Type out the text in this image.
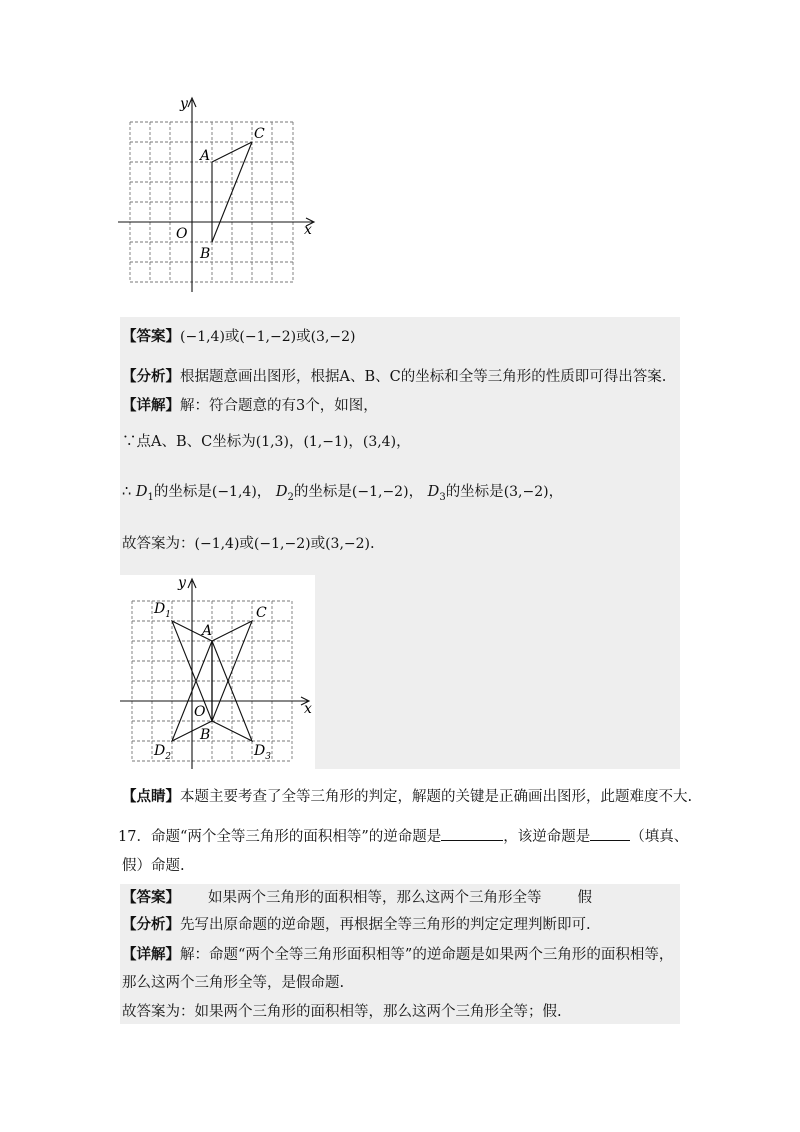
y
x
O
A
B
C
【答案】(−1,4)或(−1,−2)或(3,−2)
【分析】根据题意画出图形，根据A、B、C的坐标和全等三角形的性质即可得出答案.
【详解】解：符合题意的有3个，如图，
∵点A、B、C坐标为(1,3)，(1,−1)，(3,4)，
∴ $D_1$的坐标是(−1,4)， $D_2$的坐标是(−1,−2)， $D_3$的坐标是(3,−2)，
故答案为：(−1,4)或(−1,−2)或(3,−2).
y
x
O
A
B
C
$D_1$
$D_2$	$D_3$
【点睛】本题主要考查了全等三角形的判定，解题的关键是正确画出图形，此题难度不大.
17．命题“两个全等三角形的面积相等”的逆命题是	，该逆命题是	（填真、
假）命题.
【答案】 如果两个三角形的面积相等，那么这两个三角形全等 假
【分析】先写出原命题的逆命题，再根据全等三角形的判定定理判断即可.
【详解】解：命题“两个全等三角形面积相等”的逆命题是如果两个三角形的面积相等，
那么这两个三角形全等，是假命题.
故答案为：如果两个三角形的面积相等，那么这两个三角形全等；假.
